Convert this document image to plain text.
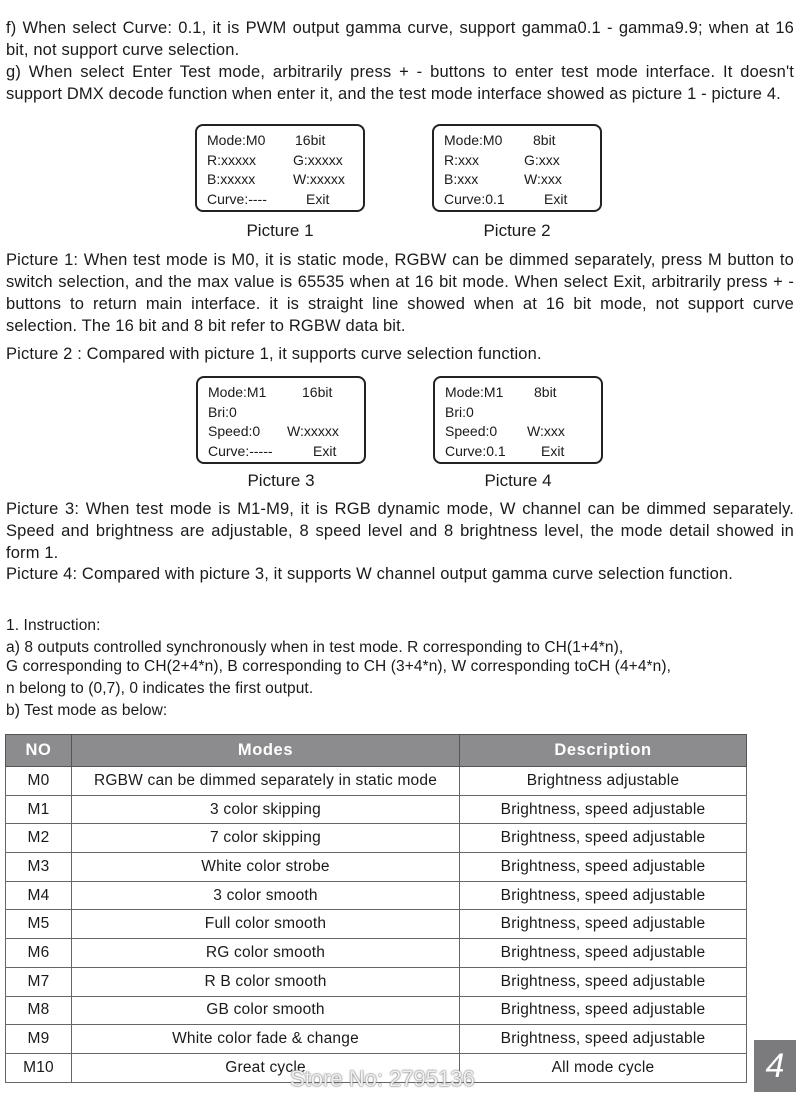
f) When select Curve: 0.1, it is PWM output gamma curve, support gamma0.1 - gamma9.9; when at 16 bit, not support curve selection.

g) When select Enter Test mode, arbitrarily press + - buttons to enter test mode interface. It doesn't support DMX decode function when enter it, and the test mode interface showed as picture 1 - picture 4.

Mode:M0 16bit
R:xxxxx	G:xxxxx
B:xxxxx	W:xxxxx
Curve:----	Exit
Picture 1
Mode:M0 8bit
R:xxx	G:xxx
B:xxx	W:xxx
Curve:0.1	Exit
Picture 2

Picture 1: When test mode is M0, it is static mode, RGBW can be dimmed separately, press M button to switch selection, and the max value is 65535 when at 16 bit mode. When select Exit, arbitrarily press + - buttons to return main interface. it is straight line showed when at 16 bit mode, not support curve selection. The 16 bit and 8 bit refer to RGBW data bit.

Picture 2 : Compared with picture 1, it supports curve selection function.

Mode:M1	16bit
Bri:0
Speed:0 W:xxxxx
Curve:-----	Exit
Picture 3
Mode:M1 8bit
Bri:0
Speed:0 W:xxx
Curve:0.1	Exit
Picture 4

Picture 3: When test mode is M1-M9, it is RGB dynamic mode, W channel can be dimmed separately. Speed and brightness are adjustable, 8 speed level and 8 brightness level, the mode detail showed in form 1.

Picture 4: Compared with picture 3, it supports W channel output gamma curve selection function.

1. Instruction:

a) 8 outputs controlled synchronously when in test mode. R corresponding to CH(1+4*n),

G corresponding to CH(2+4*n), B corresponding to CH (3+4*n), W corresponding toCH (4+4*n),

n belong to (0,7), 0 indicates the first output.

b) Test mode as below:

NO	Modes	Description
M0	RGBW can be dimmed separately in static mode	Brightness adjustable
M1	3 color skipping	Brightness, speed adjustable
M2	7 color skipping	Brightness, speed adjustable
M3	White color strobe	Brightness, speed adjustable
M4	3 color smooth	Brightness, speed adjustable
M5	Full color smooth	Brightness, speed adjustable
M6	RG color smooth	Brightness, speed adjustable
M7	R B color smooth	Brightness, speed adjustable
M8	GB color smooth	Brightness, speed adjustable
M9	White color fade & change	Brightness, speed adjustable
M10	Great cycle	All mode cycle	4
Store No: 2795136
